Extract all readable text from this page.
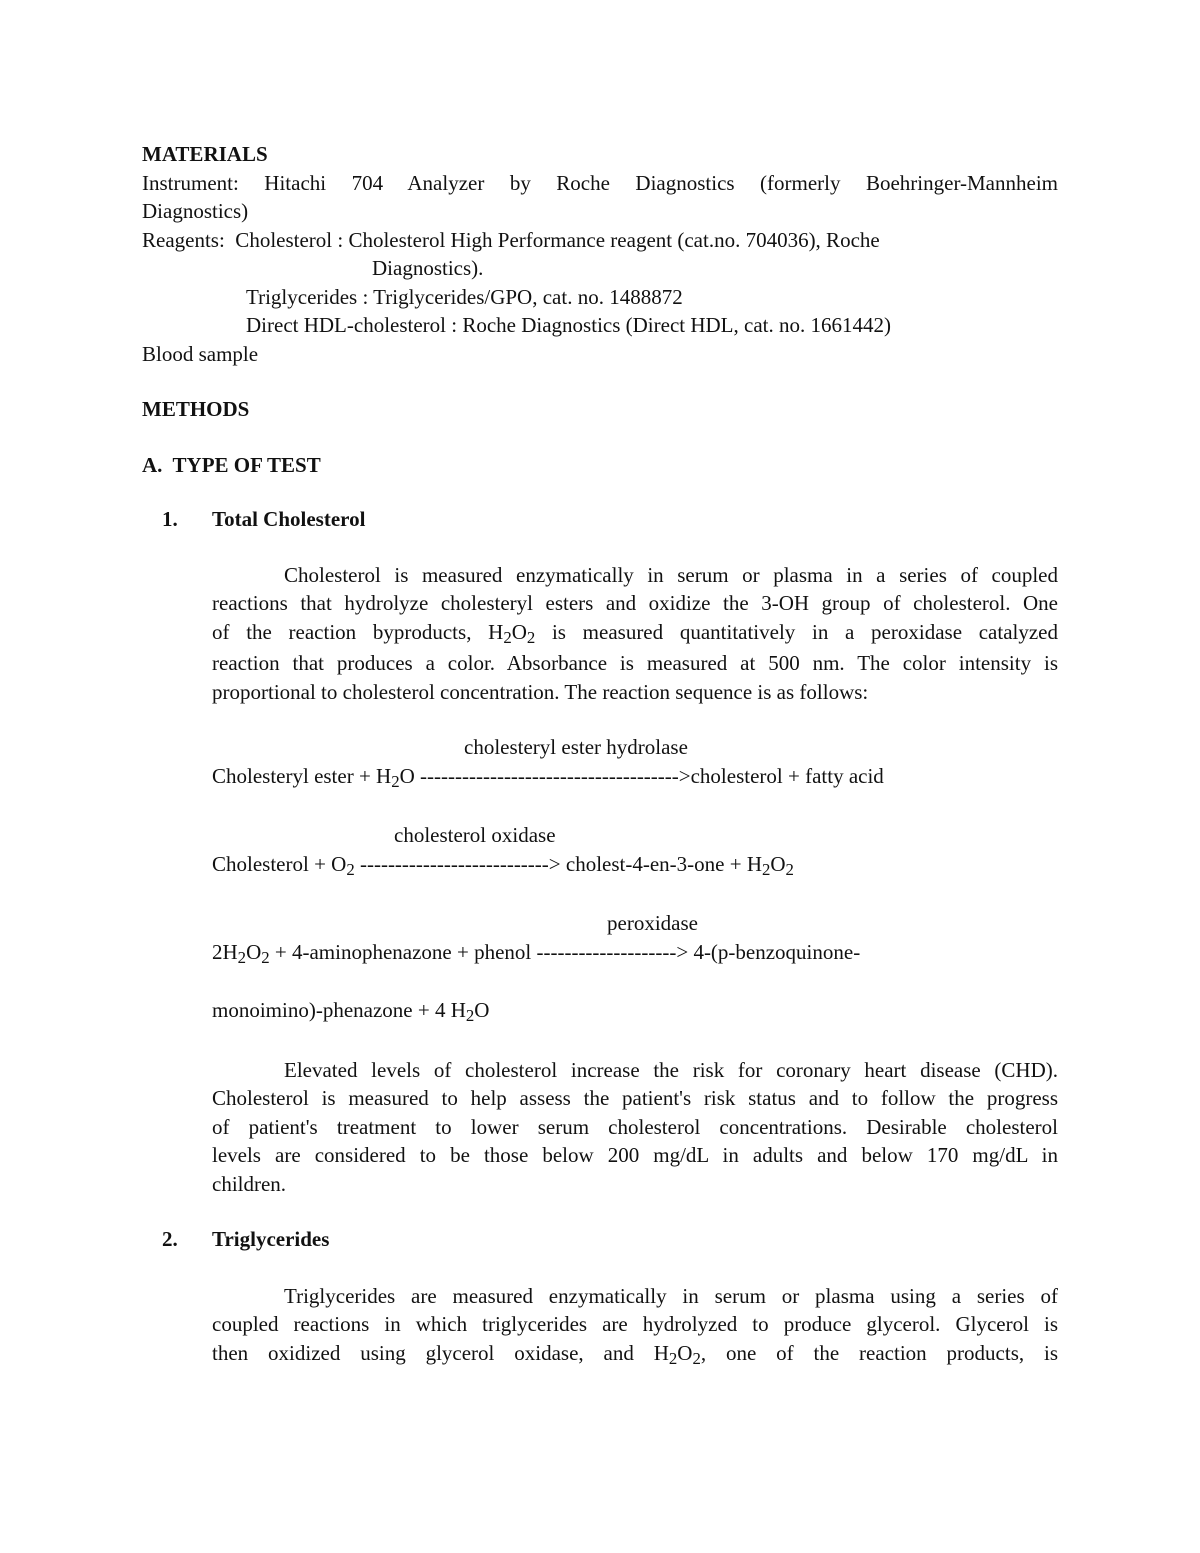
MATERIALS

Instrument: Hitachi 704 Analyzer by Roche Diagnostics (formerly Boehringer-Mannheim

Diagnostics)

Reagents:  Cholesterol : Cholesterol High Performance reagent (cat.no. 704036), Roche

Diagnostics).

Triglycerides : Triglycerides/GPO, cat. no. 1488872

Direct HDL-cholesterol : Roche Diagnostics (Direct HDL, cat. no. 1661442)

Blood sample

METHODS

A.  TYPE OF TEST

1.	Total Cholesterol

Cholesterol is measured enzymatically in serum or plasma in a series of coupled

reactions that hydrolyze cholesteryl esters and oxidize the 3-OH group of cholesterol. One

of the reaction byproducts, $H_2O_2$ is measured quantitatively in a peroxidase catalyzed

reaction that produces a color. Absorbance is measured at 500 nm. The color intensity is

proportional to cholesterol concentration. The reaction sequence is as follows:

cholesteryl ester hydrolase

Cholesteryl ester + $H_2O$ ------------------------------------->cholesterol + fatty acid

cholesterol oxidase

Cholesterol + $O_2$ ---------------------------> cholest-4-en-3-one + $H_2O_2$

peroxidase

$2H_2O_2$ + 4-aminophenazone + phenol --------------------> 4-(p-benzoquinone-

monoimino)-phenazone + 4 $H_2O$

Elevated levels of cholesterol increase the risk for coronary heart disease (CHD).

Cholesterol is measured to help assess the patient's risk status and to follow the progress

of patient's treatment to lower serum cholesterol concentrations. Desirable cholesterol

levels are considered to be those below 200 mg/dL in adults and below 170 mg/dL in

children.

2.	Triglycerides

Triglycerides are measured enzymatically in serum or plasma using a series of

coupled reactions in which triglycerides are hydrolyzed to produce glycerol. Glycerol is

then oxidized using glycerol oxidase, and $H_2O_2$, one of the reaction products, is
